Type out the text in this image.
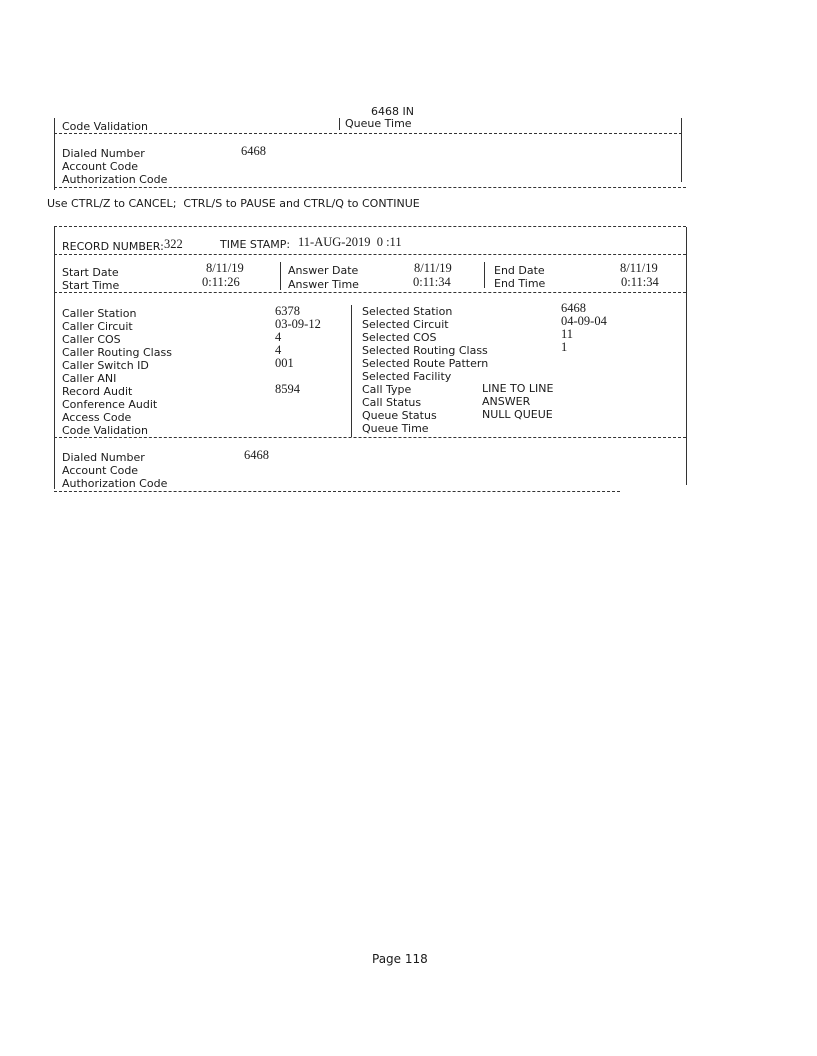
6468 IN
Code Validation	Queue Time
Dialed Number	6468
Account Code
Authorization Code
Use CTRL/Z to CANCEL;  CTRL/S to PAUSE and CTRL/Q to CONTINUE
RECORD NUMBER: 322	TIME STAMP: 11-AUG-2019  0 :11
Start Date	8/11/19
Start Time	0:11:26
Answer Date	8/11/19
Answer Time	0:11:34
End Date	8/11/19
End Time	0:11:34
Caller Station	6378
Caller Circuit	03-09-12
Caller COS	4
Caller Routing Class	4
Caller Switch ID	001
Caller ANI
Record Audit	8594
Conference Audit
Access Code
Code Validation
Selected Station	6468
Selected Circuit	04-09-04
Selected COS	11
Selected Routing Class	1
Selected Route Pattern
Selected Facility
Call Type	LINE TO LINE
Call Status	ANSWER
Queue Status	NULL QUEUE
Queue Time
Dialed Number	6468
Account Code
Authorization Code
Page 118
